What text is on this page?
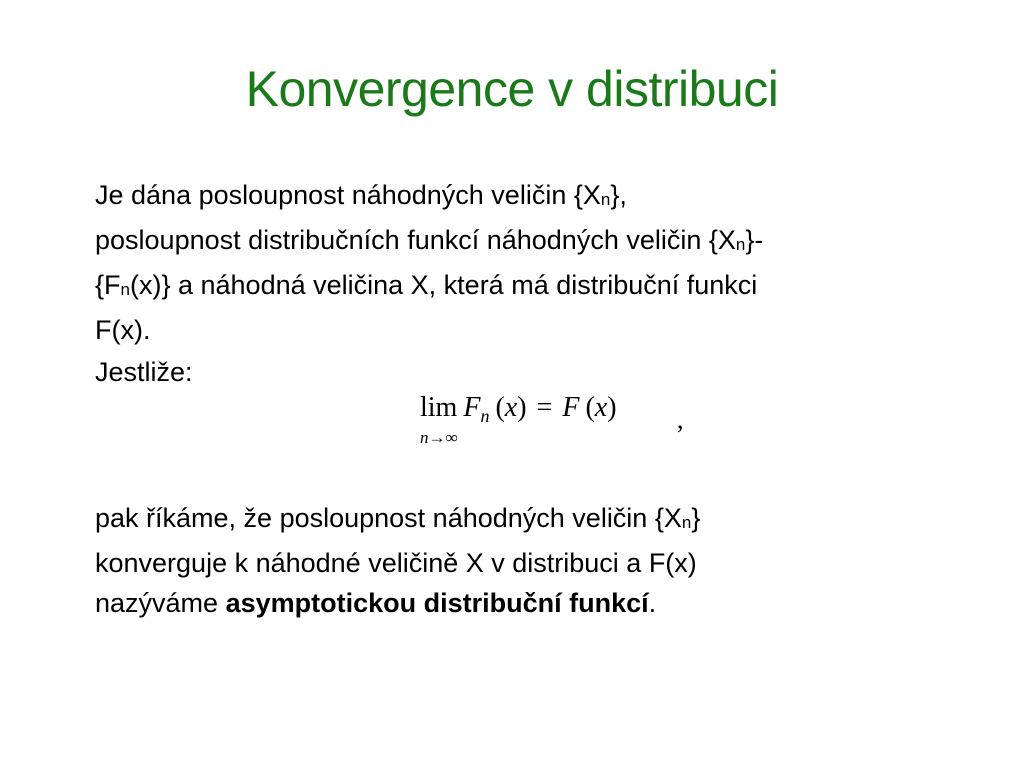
Konvergence v distribuci
Je dána posloupnost náhodných veličin {Xn},
posloupnost distribučních funkcí náhodných veličin {Xn}-
{Fn(x)} a náhodná veličina X, která má distribuční funkci
F(x).
Jestliže:
$\lim F_n$ (x) = F (x)
n→∞
,
pak říkáme, že posloupnost náhodných veličin {Xn}
konverguje k náhodné veličině X v distribuci a F(x)
nazýváme asymptotickou distribuční funkcí.
